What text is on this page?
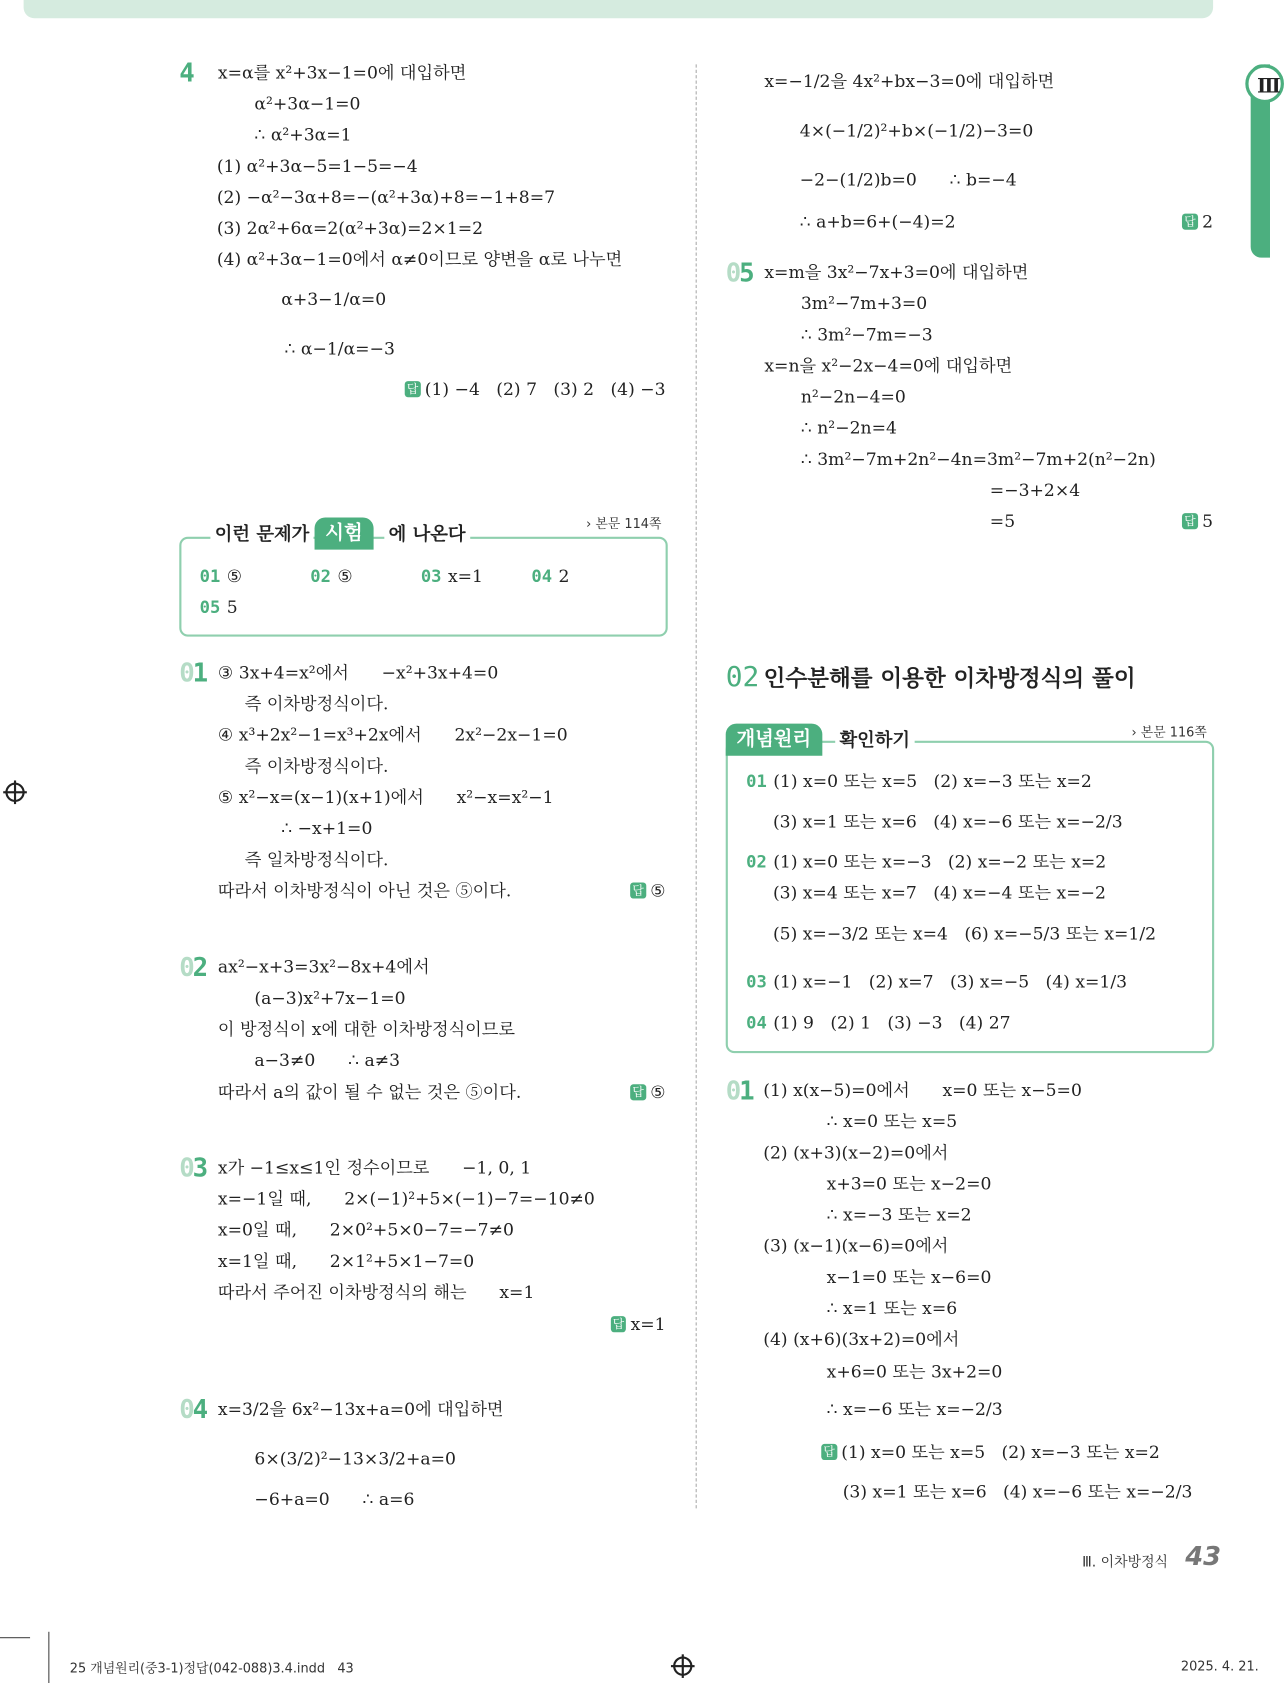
Ⅲ
이런 문제가 시험	에 나온다	› 본문 114쪽
개념원리	확인하기	› 본문 116쪽
02 인수분해를 이용한 이차방정식의 풀이
Ⅲ. 이차방정식 43
25 개념원리(중3-1)정답(042-088)3.4.indd   43	2025. 4. 21.
4 x=α를 x²+3x−1=0에 대입하면
α²+3α−1=0
∴ α²+3α=1
(1) α²+3α−5=1−5=−4
(2) −α²−3α+8=−(α²+3α)+8=−1+8=7
(3) 2α²+6α=2(α²+3α)=2×1=2
(4) α²+3α−1=0에서 α≠0이므로 양변을 α로 나누면
α+3−1/α=0
∴ α−1/α=−3
답 (1) −4   (2) 7   (3) 2   (4) −3
01 ⑤	02 ⑤	03 x=1	04 2
05 5
01 ③ 3x+4=x²에서      −x²+3x+4=0
즉 이차방정식이다.
④ x³+2x²−1=x³+2x에서      2x²−2x−1=0
즉 이차방정식이다.
⑤ x²−x=(x−1)(x+1)에서      x²−x=x²−1
∴ −x+1=0
즉 일차방정식이다.
따라서 이차방정식이 아닌 것은 ⑤이다.	답 ⑤
02 ax²−x+3=3x²−8x+4에서
(a−3)x²+7x−1=0
이 방정식이 x에 대한 이차방정식이므로
a−3≠0      ∴ a≠3
따라서 a의 값이 될 수 없는 것은 ⑤이다.	답 ⑤
03 x가 −1≤x≤1인 정수이므로      −1, 0, 1
x=−1일 때,      2×(−1)²+5×(−1)−7=−10≠0
x=0일 때,      2×0²+5×0−7=−7≠0
x=1일 때,      2×1²+5×1−7=0
따라서 주어진 이차방정식의 해는      x=1
답 x=1
04 x=3/2을 6x²−13x+a=0에 대입하면
6×(3/2)²−13×3/2+a=0
−6+a=0      ∴ a=6
x=−1/2을 4x²+bx−3=0에 대입하면
4×(−1/2)²+b×(−1/2)−3=0
−2−(1/2)b=0      ∴ b=−4
∴ a+b=6+(−4)=2	답 2
05 x=m을 3x²−7x+3=0에 대입하면
3m²−7m+3=0
∴ 3m²−7m=−3
x=n을 x²−2x−4=0에 대입하면
n²−2n−4=0
∴ n²−2n=4
∴ 3m²−7m+2n²−4n=3m²−7m+2(n²−2n)
=−3+2×4
=5	답 5
01 (1) x=0 또는 x=5   (2) x=−3 또는 x=2
(3) x=1 또는 x=6   (4) x=−6 또는 x=−2/3
02 (1) x=0 또는 x=−3   (2) x=−2 또는 x=2
(3) x=4 또는 x=7   (4) x=−4 또는 x=−2
(5) x=−3/2 또는 x=4   (6) x=−5/3 또는 x=1/2
03 (1) x=−1   (2) x=7   (3) x=−5   (4) x=1/3
04 (1) 9   (2) 1   (3) −3   (4) 27
01 (1) x(x−5)=0에서      x=0 또는 x−5=0
∴ x=0 또는 x=5
(2) (x+3)(x−2)=0에서
x+3=0 또는 x−2=0
∴ x=−3 또는 x=2
(3) (x−1)(x−6)=0에서
x−1=0 또는 x−6=0
∴ x=1 또는 x=6
(4) (x+6)(3x+2)=0에서
x+6=0 또는 3x+2=0
∴ x=−6 또는 x=−2/3
답 (1) x=0 또는 x=5   (2) x=−3 또는 x=2
(3) x=1 또는 x=6   (4) x=−6 또는 x=−2/3
